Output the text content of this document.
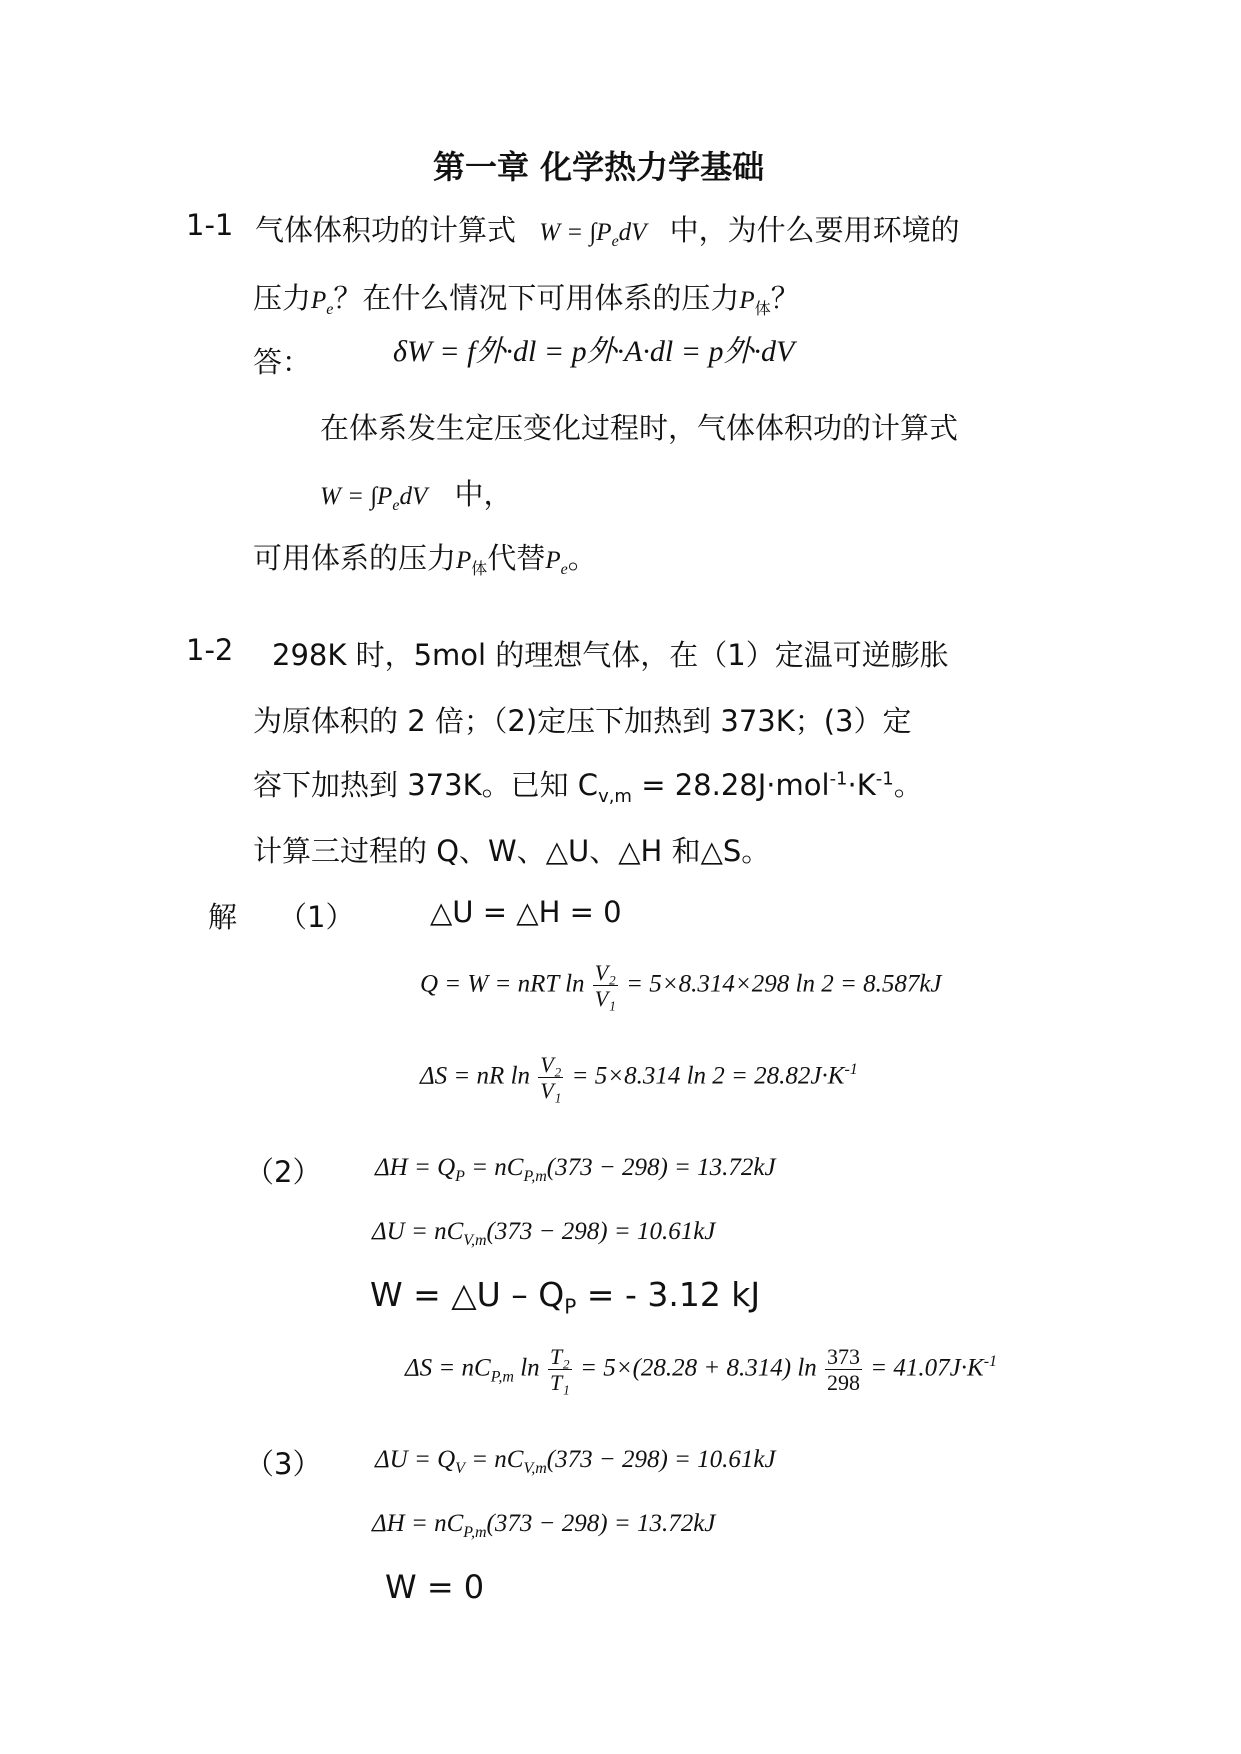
第一章 化学热力学基础
1-1 气体体积功的计算式 $W = \int P_edV$ 中，为什么要用环境的
压力$P_e$？在什么情况下可用体系的压力$P_体$？
答：	δW = f外·dl = p外·A·dl = p外·dV
在体系发生定压变化过程时，气体体积功的计算式
$W = \int P_edV$ 中，
可用体系的压力$P_体$代替$P_e$。
1-2 298K 时，5mol 的理想气体，在（1）定温可逆膨胀
为原体积的 2 倍；（2)定压下加热到 373K；(3）定
容下加热到 373K。已知 $C_{v,m} = 28.28J\cdot mol^{-1}\cdot K^{-1}$。
计算三过程的 Q、W、△U、△H 和△S。
解 （1）	△U = △H = 0
Q = W = nRT $\ln \frac{\text{V₂}}{\text{V₁}} = 5\times 8.314\times 298$ ln 2 = 8.587kJ
ΔS = nR $\ln \frac{\text{V₂}}{\text{V₁}} = 5\times 8.314$ $\ln 2 = 28.82J\cdot K^{-1}$
（2） $\Delta H = Q_P = nC_{P,m}(373 - 298) = 13.72kJ$
$\Delta U = nC_{V,m}(373 - 298) = 10.61kJ$
W = △U – $Q_P$ = - 3.12 kJ
$\Delta S = nC_{P,m}$ $\ln \frac{\text{T₂}}{\text{T₁}} = 5\times(28.28 + 8.314)$ $\ln \frac{373}{298} = 41.07J\cdot K^{-1}$
（3） $\Delta U = Q_V = nC_{V,m}(373 - 298) = 10.61kJ$
$\Delta H = nC_{P,m}(373 - 298) = 13.72kJ$
W = 0
